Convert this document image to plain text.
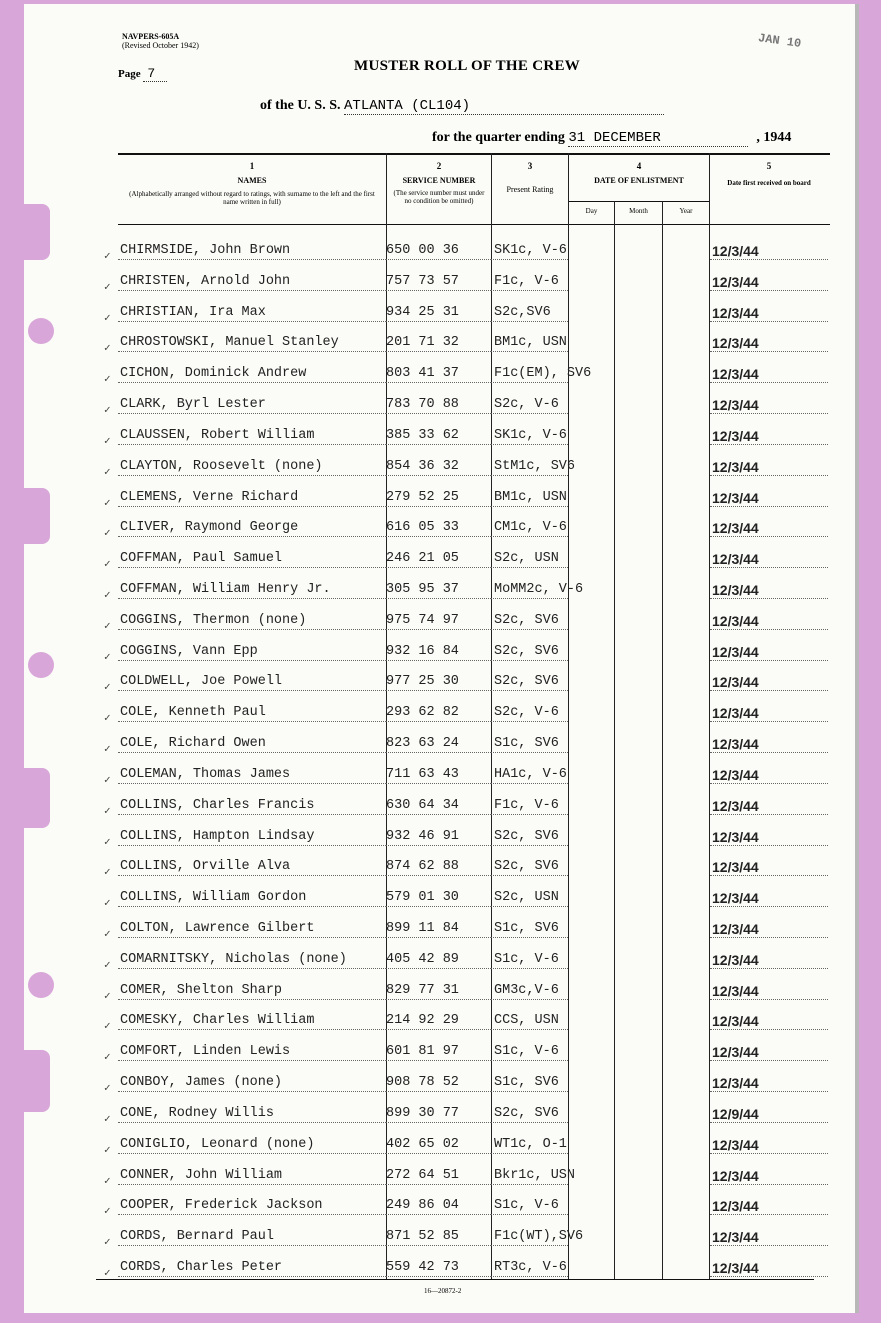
NAVPERS-605A
(Revised October 1942)
Page 7	MUSTER ROLL OF THE CREW
JAN 10
of the U. S. S. ATLANTA (CL104)
for the quarter ending 31 DECEMBER	, 1944
1
NAMES
(Alphabetically arranged without regard to ratings, with surname to the left and the first name written in full)
2
SERVICE NUMBER
(The service number must under no condition be omitted)
3
Present Rating
4
DATE OF ENLISTMENT
Day	Month	Year
5
Date first received on board
✓ CHIRMSIDE, John Brown	650 00 36	SK1c, V-6	12/3/44
✓ CHRISTEN, Arnold John	757 73 57	F1c, V-6	12/3/44
✓ CHRISTIAN, Ira Max	934 25 31	S2c,SV6	12/3/44
✓ CHROSTOWSKI, Manuel Stanley	201 71 32	BM1c, USN	12/3/44
✓ CICHON, Dominick Andrew	803 41 37	F1c(EM), SV6	12/3/44
✓ CLARK, Byrl Lester	783 70 88	S2c, V-6	12/3/44
✓ CLAUSSEN, Robert William	385 33 62	SK1c, V-6	12/3/44
✓ CLAYTON, Roosevelt (none)	854 36 32	StM1c, SV6	12/3/44
✓ CLEMENS, Verne Richard	279 52 25	BM1c, USN	12/3/44
✓ CLIVER, Raymond George	616 05 33	CM1c, V-6	12/3/44
✓ COFFMAN, Paul Samuel	246 21 05	S2c, USN	12/3/44
✓ COFFMAN, William Henry Jr.	305 95 37	MoMM2c, V-6	12/3/44
✓ COGGINS, Thermon (none)	975 74 97	S2c, SV6	12/3/44
✓ COGGINS, Vann Epp	932 16 84	S2c, SV6	12/3/44
✓ COLDWELL, Joe Powell	977 25 30	S2c, SV6	12/3/44
✓ COLE, Kenneth Paul	293 62 82	S2c, V-6	12/3/44
✓ COLE, Richard Owen	823 63 24	S1c, SV6	12/3/44
✓ COLEMAN, Thomas James	711 63 43	HA1c, V-6	12/3/44
✓ COLLINS, Charles Francis	630 64 34	F1c, V-6	12/3/44
✓ COLLINS, Hampton Lindsay	932 46 91	S2c, SV6	12/3/44
✓ COLLINS, Orville Alva	874 62 88	S2c, SV6	12/3/44
✓ COLLINS, William Gordon	579 01 30	S2c, USN	12/3/44
✓ COLTON, Lawrence Gilbert	899 11 84	S1c, SV6	12/3/44
✓ COMARNITSKY, Nicholas (none)	405 42 89	S1c, V-6	12/3/44
✓ COMER, Shelton Sharp	829 77 31	GM3c,V-6	12/3/44
✓ COMESKY, Charles William	214 92 29	CCS, USN	12/3/44
✓ COMFORT, Linden Lewis	601 81 97	S1c, V-6	12/3/44
✓ CONBOY, James (none)	908 78 52	S1c, SV6	12/3/44
✓ CONE, Rodney Willis	899 30 77	S2c, SV6	12/9/44
✓ CONIGLIO, Leonard (none)	402 65 02	WT1c, O-1	12/3/44
✓ CONNER, John William	272 64 51	Bkr1c, USN	12/3/44
✓ COOPER, Frederick Jackson	249 86 04	S1c, V-6	12/3/44
✓ CORDS, Bernard Paul	871 52 85	F1c(WT),SV6	12/3/44
✓ CORDS, Charles Peter	559 42 73	RT3c, V-6	12/3/44
16—20872-2
